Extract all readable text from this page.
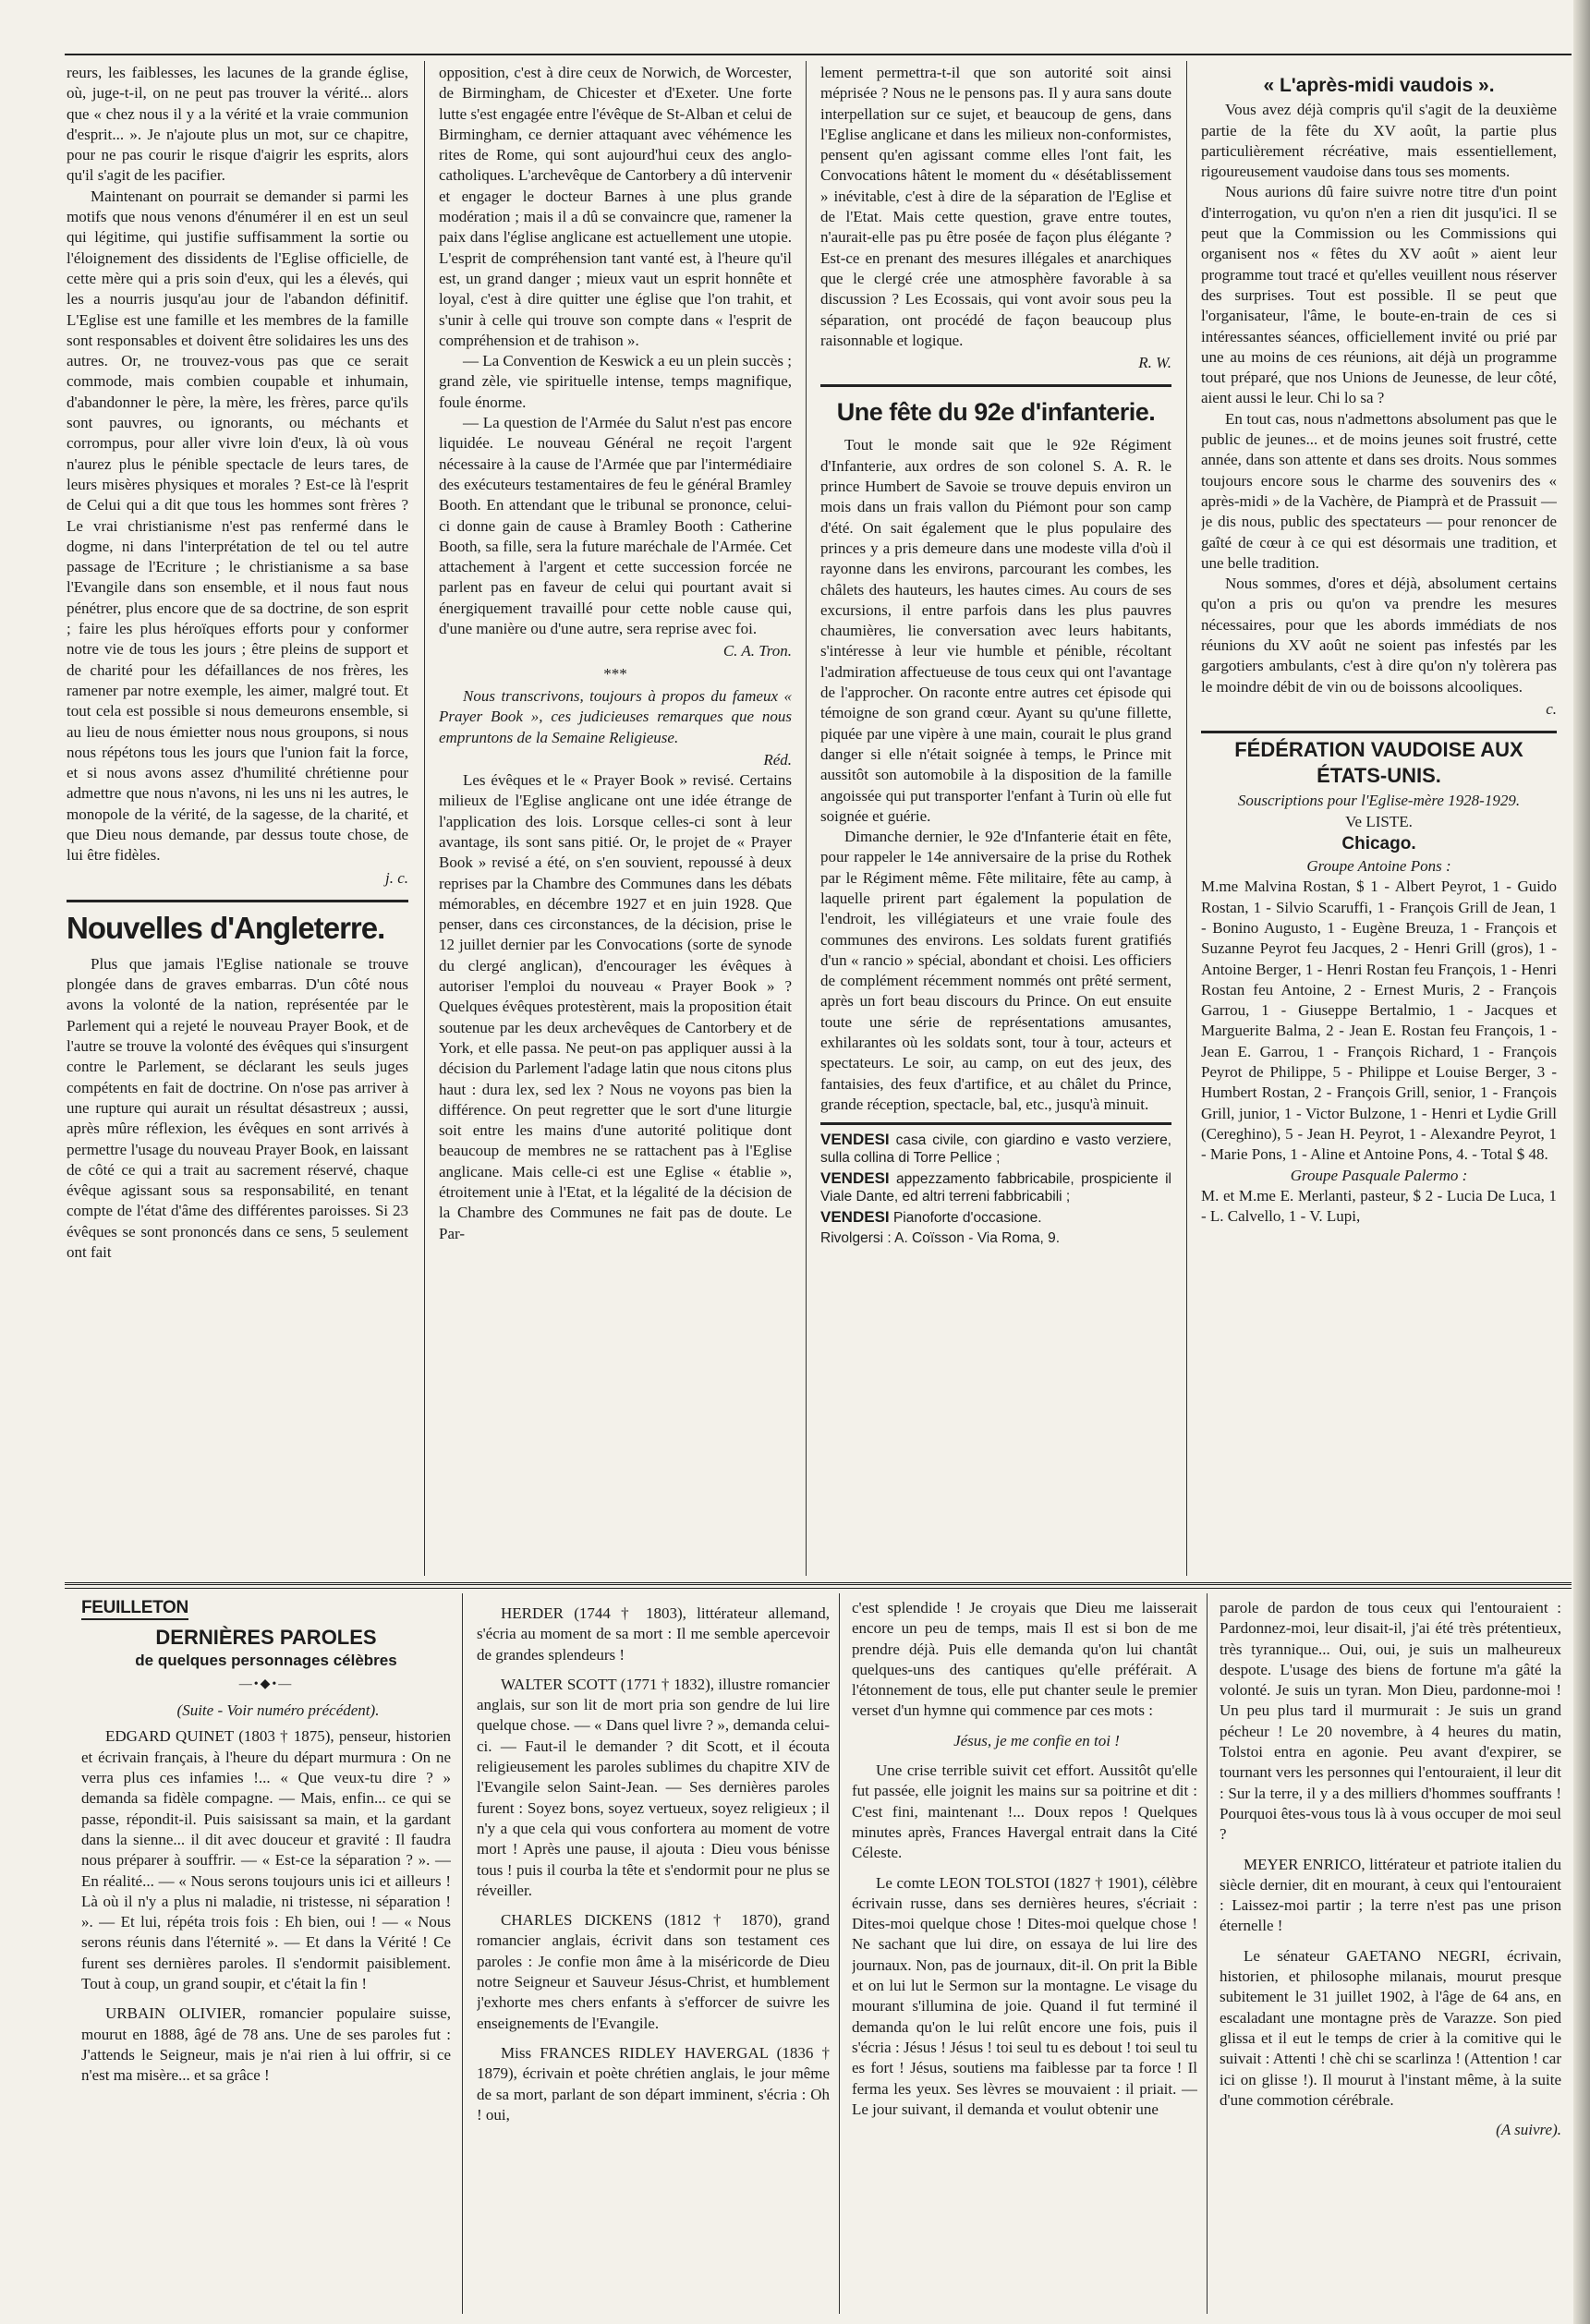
reurs, les faiblesses, les lacunes de la grande église, où, juge-t-il, on ne peut pas trouver la vérité... alors que « chez nous il y a la vérité et la vraie communion d'esprit... ». Je n'ajoute plus un mot, sur ce chapitre, pour ne pas courir le risque d'aigrir les esprits, alors qu'il s'agit de les pacifier.

Maintenant on pourrait se demander si parmi les motifs que nous venons d'énumérer il en est un seul qui légitime, qui justifie suffisamment la sortie ou l'éloignement des dissidents de l'Eglise officielle, de cette mère qui a pris soin d'eux, qui les a élevés, qui les a nourris jusqu'au jour de l'abandon définitif. L'Eglise est une famille et les membres de la famille sont responsables et doivent être solidaires les uns des autres. Or, ne trouvez-vous pas que ce serait commode, mais combien coupable et inhumain, d'abandonner le père, la mère, les frères, parce qu'ils sont pauvres, ou ignorants, ou méchants et corrompus, pour aller vivre loin d'eux, là où vous n'aurez plus le pénible spectacle de leurs tares, de leurs misères physiques et morales ? Est-ce là l'esprit de Celui qui a dit que tous les hommes sont frères ? Le vrai christianisme n'est pas renfermé dans le dogme, ni dans l'interprétation de tel ou tel autre passage de l'Ecriture ; le christianisme a sa base l'Evangile dans son ensemble, et il nous faut nous pénétrer, plus encore que de sa doctrine, de son esprit ; faire les plus héroïques efforts pour y conformer notre vie de tous les jours ; être pleins de support et de charité pour les défaillances de nos frères, les ramener par notre exemple, les aimer, malgré tout. Et tout cela est possible si nous demeurons ensemble, si au lieu de nous émietter nous nous groupons, si nous nous répétons tous les jours que l'union fait la force, et si nous avons assez d'humilité chrétienne pour admettre que nous n'avons, ni les uns ni les autres, le monopole de la vérité, de la sagesse, de la charité, et que Dieu nous demande, par dessus toute chose, de lui être fidèles.

j. c.
Nouvelles d'Angleterre.

Plus que jamais l'Eglise nationale se trouve plongée dans de graves embarras. D'un côté nous avons la volonté de la nation, représentée par le Parlement qui a rejeté le nouveau Prayer Book, et de l'autre se trouve la volonté des évêques qui s'insurgent contre le Parlement, se déclarant les seuls juges compétents en fait de doctrine. On n'ose pas arriver à une rupture qui aurait un résultat désastreux ; aussi, après mûre réflexion, les évêques en sont arrivés à permettre l'usage du nouveau Prayer Book, en laissant de côté ce qui a trait au sacrement réservé, chaque évêque agissant sous sa responsabilité, en tenant compte de l'état d'âme des différentes paroisses. Si 23 évêques se sont prononcés dans ce sens, 5 seulement ont fait

opposition, c'est à dire ceux de Norwich, de Worcester, de Birmingham, de Chicester et d'Exeter. Une forte lutte s'est engagée entre l'évêque de St-Alban et celui de Birmingham, ce dernier attaquant avec véhémence les rites de Rome, qui sont aujourd'hui ceux des anglo-catholiques. L'archevêque de Cantorbery a dû intervenir et engager le docteur Barnes à une plus grande modération ; mais il a dû se convaincre que, ramener la paix dans l'église anglicane est actuellement une utopie. L'esprit de compréhension tant vanté est, à l'heure qu'il est, un grand danger ; mieux vaut un esprit honnête et loyal, c'est à dire quitter une église que l'on trahit, et s'unir à celle qui trouve son compte dans « l'esprit de compréhension et de trahison ».

— La Convention de Keswick a eu un plein succès ; grand zèle, vie spirituelle intense, temps magnifique, foule énorme.

— La question de l'Armée du Salut n'est pas encore liquidée. Le nouveau Général ne reçoit l'argent nécessaire à la cause de l'Armée que par l'intermédiaire des exécuteurs testamentaires de feu le général Bramley Booth. En attendant que le tribunal se prononce, celui-ci donne gain de cause à Bramley Booth : Catherine Booth, sa fille, sera la future maréchale de l'Armée. Cet attachement à l'argent et cette succession forcée ne parlent pas en faveur de celui qui pourtant avait si énergiquement travaillé pour cette noble cause qui, d'une manière ou d'une autre, sera reprise avec foi.

C. A. Tron.
***

Nous transcrivons, toujours à propos du fameux « Prayer Book », ces judicieuses remarques que nous empruntons de la Semaine Religieuse.

Réd.

Les évêques et le « Prayer Book » revisé. Certains milieux de l'Eglise anglicane ont une idée étrange de l'application des lois. Lorsque celles-ci sont à leur avantage, ils sont sans pitié. Or, le projet de « Prayer Book » revisé a été, on s'en souvient, repoussé à deux reprises par la Chambre des Communes dans les débats mémorables, en décembre 1927 et en juin 1928. Que penser, dans ces circonstances, de la décision, prise le 12 juillet dernier par les Convocations (sorte de synode du clergé anglican), d'encourager les évêques à autoriser l'emploi du nouveau « Prayer Book » ? Quelques évêques protestèrent, mais la proposition était soutenue par les deux archevêques de Cantorbery et de York, et elle passa. Ne peut-on pas appliquer aussi à la décision du Parlement l'adage latin que nous citons plus haut : dura lex, sed lex ? Nous ne voyons pas bien la différence. On peut regretter que le sort d'une liturgie soit entre les mains d'une autorité politique dont beaucoup de membres ne se rattachent pas à l'Eglise anglicane. Mais celle-ci est une Eglise « établie », étroitement unie à l'Etat, et la légalité de la décision de la Chambre des Communes ne fait pas de doute. Le Par-

lement permettra-t-il que son autorité soit ainsi méprisée ? Nous ne le pensons pas. Il y aura sans doute interpellation sur ce sujet, et beaucoup de gens, dans l'Eglise anglicane et dans les milieux non-conformistes, pensent qu'en agissant comme elles l'ont fait, les Convocations hâtent le moment du « désétablissement » inévitable, c'est à dire de la séparation de l'Eglise et de l'Etat. Mais cette question, grave entre toutes, n'aurait-elle pas pu être posée de façon plus élégante ? Est-ce en prenant des mesures illégales et anarchiques que le clergé crée une atmosphère favorable à sa discussion ? Les Ecossais, qui vont avoir sous peu la séparation, ont procédé de façon beaucoup plus raisonnable et logique.

R. W.
Une fête du 92e d'infanterie.

Tout le monde sait que le 92e Régiment d'Infanterie, aux ordres de son colonel S. A. R. le prince Humbert de Savoie se trouve depuis environ un mois dans un frais vallon du Piémont pour son camp d'été. On sait également que le plus populaire des princes y a pris demeure dans une modeste villa d'où il rayonne dans les environs, parcourant les combes, les châlets des hauteurs, les hautes cimes. Au cours de ses excursions, il entre parfois dans les plus pauvres chaumières, lie conversation avec leurs habitants, s'intéresse à leur vie humble et pénible, récoltant l'admiration affectueuse de tous ceux qui ont l'avantage de l'approcher. On raconte entre autres cet épisode qui témoigne de son grand cœur. Ayant su qu'une fillette, piquée par une vipère à une main, courait le plus grand danger si elle n'était soignée à temps, le Prince mit aussitôt son automobile à la disposition de la famille angoissée qui put transporter l'enfant à Turin où elle fut soignée et guérie.

Dimanche dernier, le 92e d'Infanterie était en fête, pour rappeler le 14e anniversaire de la prise du Rothek par le Régiment même. Fête militaire, fête au camp, à laquelle prirent part également la population de l'endroit, les villégiateurs et une vraie foule des communes des environs. Les soldats furent gratifiés d'un « rancio » spécial, abondant et choisi. Les officiers de complément récemment nommés ont prêté serment, après un fort beau discours du Prince. On eut ensuite toute une série de représentations amusantes, exhilarantes où les soldats sont, tour à tour, acteurs et spectateurs. Le soir, au camp, on eut des jeux, des fantaisies, des feux d'artifice, et au châlet du Prince, grande réception, spectacle, bal, etc., jusqu'à minuit.

VENDESI casa civile, con giardino e vasto verziere, sulla collina di Torre Pellice ;
VENDESI appezzamento fabbricabile, prospiciente il Viale Dante, ed altri terreni fabbricabili ;
VENDESI Pianoforte d'occasione.
Rivolgersi : A. Coïsson - Via Roma, 9.
« L'après-midi vaudois ».

Vous avez déjà compris qu'il s'agit de la deuxième partie de la fête du XV août, la partie plus particulièrement récréative, mais essentiellement, rigoureusement vaudoise dans tous ses moments.

Nous aurions dû faire suivre notre titre d'un point d'interrogation, vu qu'on n'en a rien dit jusqu'ici. Il se peut que la Commission ou les Commissions qui organisent nos « fêtes du XV août » aient leur programme tout tracé et qu'elles veuillent nous réserver des surprises. Tout est possible. Il se peut que l'organisateur, l'âme, le boute-en-train de ces si intéressantes séances, officiellement invité ou prié par une au moins de ces réunions, ait déjà un programme tout préparé, que nos Unions de Jeunesse, de leur côté, aient aussi le leur. Chi lo sa ?

En tout cas, nous n'admettons absolument pas que le public de jeunes... et de moins jeunes soit frustré, cette année, dans son attente et dans ses droits. Nous sommes toujours encore sous le charme des souvenirs des « après-midi » de la Vachère, de Piamprà et de Prassuit — je dis nous, public des spectateurs — pour renoncer de gaîté de cœur à ce qui est désormais une tradition, et une belle tradition.

Nous sommes, d'ores et déjà, absolument certains qu'on a pris ou qu'on va prendre les mesures nécessaires, pour que les abords immédiats de nos réunions du XV août ne soient pas infestés par les gargotiers ambulants, c'est à dire qu'on n'y tolèrera pas le moindre débit de vin ou de boissons alcooliques.

c.
FÉDÉRATION VAUDOISE AUX ÉTATS-UNIS.
Souscriptions pour l'Eglise-mère 1928-1929.
Ve LISTE.
Chicago.
Groupe Antoine Pons :

M.me Malvina Rostan, $ 1 - Albert Peyrot, 1 - Guido Rostan, 1 - Silvio Scaruffi, 1 - François Grill de Jean, 1 - Bonino Augusto, 1 - Eugène Breuza, 1 - François et Suzanne Peyrot feu Jacques, 2 - Henri Grill (gros), 1 - Antoine Berger, 1 - Henri Rostan feu François, 1 - Henri Rostan feu Antoine, 2 - Ernest Muris, 2 - François Garrou, 1 - Giuseppe Bertalmio, 1 - Jacques et Marguerite Balma, 2 - Jean E. Rostan feu François, 1 - Jean E. Garrou, 1 - François Richard, 1 - François Peyrot de Philippe, 5 - Philippe et Louise Berger, 3 - Humbert Rostan, 2 - François Grill, senior, 1 - François Grill, junior, 1 - Victor Bulzone, 1 - Henri et Lydie Grill (Cereghino), 5 - Jean H. Peyrot, 1 - Alexandre Peyrot, 1 - Marie Pons, 1 - Aline et Antoine Pons, 4. - Total $ 48.

Groupe Pasquale Palermo :

M. et M.me E. Merlanti, pasteur, $ 2 - Lucia De Luca, 1 - L. Calvello, 1 - V. Lupi,

FEUILLETON
DERNIÈRES PAROLES
de quelques personnages célèbres
—•◆•—

(Suite - Voir numéro précédent).

EDGARD QUINET (1803 † 1875), penseur, historien et écrivain français, à l'heure du départ murmura : On ne verra plus ces infamies !... « Que veux-tu dire ? » demanda sa fidèle compagne. — Mais, enfin... ce qui se passe, répondit-il. Puis saisissant sa main, et la gardant dans la sienne... il dit avec douceur et gravité : Il faudra nous préparer à souffrir. — « Est-ce la séparation ? ». — En réalité... — « Nous serons toujours unis ici et ailleurs ! Là où il n'y a plus ni maladie, ni tristesse, ni séparation ! ». — Et lui, répéta trois fois : Eh bien, oui ! — « Nous serons réunis dans l'éternité ». — Et dans la Vérité ! Ce furent ses dernières paroles. Il s'endormit paisiblement. Tout à coup, un grand soupir, et c'était la fin !

URBAIN OLIVIER, romancier populaire suisse, mourut en 1888, âgé de 78 ans. Une de ses paroles fut : J'attends le Seigneur, mais je n'ai rien à lui offrir, si ce n'est ma misère... et sa grâce !

HERDER (1744 † 1803), littérateur allemand, s'écria au moment de sa mort : Il me semble apercevoir de grandes splendeurs !

WALTER SCOTT (1771 † 1832), illustre romancier anglais, sur son lit de mort pria son gendre de lui lire quelque chose. — « Dans quel livre ? », demanda celui-ci. — Faut-il le demander ? dit Scott, et il écouta religieusement les paroles sublimes du chapitre XIV de l'Evangile selon Saint-Jean. — Ses dernières paroles furent : Soyez bons, soyez vertueux, soyez religieux ; il n'y a que cela qui vous confortera au moment de votre mort ! Après une pause, il ajouta : Dieu vous bénisse tous ! puis il courba la tête et s'endormit pour ne plus se réveiller.

CHARLES DICKENS (1812 † 1870), grand romancier anglais, écrivit dans son testament ces paroles : Je confie mon âme à la miséricorde de Dieu notre Seigneur et Sauveur Jésus-Christ, et humblement j'exhorte mes chers enfants à s'efforcer de suivre les enseignements de l'Evangile.

Miss FRANCES RIDLEY HAVERGAL (1836 † 1879), écrivain et poète chrétien anglais, le jour même de sa mort, parlant de son départ imminent, s'écria : Oh ! oui,

c'est splendide ! Je croyais que Dieu me laisserait encore un peu de temps, mais Il est si bon de me prendre déjà. Puis elle demanda qu'on lui chantât quelques-uns des cantiques qu'elle préférait. A l'étonnement de tous, elle put chanter seule le premier verset d'un hymne qui commence par ces mots :

Jésus, je me confie en toi !

Une crise terrible suivit cet effort. Aussitôt qu'elle fut passée, elle joignit les mains sur sa poitrine et dit : C'est fini, maintenant !... Doux repos ! Quelques minutes après, Frances Havergal entrait dans la Cité Céleste.

Le comte LEON TOLSTOI (1827 † 1901), célèbre écrivain russe, dans ses dernières heures, s'écriait : Dites-moi quelque chose ! Dites-moi quelque chose ! Ne sachant que lui dire, on essaya de lui lire des journaux. Non, pas de journaux, dit-il. On prit la Bible et on lui lut le Sermon sur la montagne. Le visage du mourant s'illumina de joie. Quand il fut terminé il demanda qu'on le lui relût encore une fois, puis il s'écria : Jésus ! Jésus ! toi seul tu es debout ! toi seul tu es fort ! Jésus, soutiens ma faiblesse par ta force ! Il ferma les yeux. Ses lèvres se mouvaient : il priait. — Le jour suivant, il demanda et voulut obtenir une

parole de pardon de tous ceux qui l'entouraient : Pardonnez-moi, leur disait-il, j'ai été très prétentieux, très tyrannique... Oui, oui, je suis un malheureux despote. L'usage des biens de fortune m'a gâté la volonté. Je suis un tyran. Mon Dieu, pardonne-moi ! Un peu plus tard il murmurait : Je suis un grand pécheur ! Le 20 novembre, à 4 heures du matin, Tolstoi entra en agonie. Peu avant d'expirer, se tournant vers les personnes qui l'entouraient, il leur dit : Sur la terre, il y a des milliers d'hommes souffrants ! Pourquoi êtes-vous tous là à vous occuper de moi seul ?

MEYER ENRICO, littérateur et patriote italien du siècle dernier, dit en mourant, à ceux qui l'entouraient : Laissez-moi partir ; la terre n'est pas une prison éternelle !

Le sénateur GAETANO NEGRI, écrivain, historien, et philosophe milanais, mourut presque subitement le 31 juillet 1902, à l'âge de 64 ans, en escaladant une montagne près de Varazze. Son pied glissa et il eut le temps de crier à la comitive qui le suivait : Attenti ! chè chi se scarlinza ! (Attention ! car ici on glisse !). Il mourut à l'instant même, à la suite d'une commotion cérébrale.

(A suivre).
